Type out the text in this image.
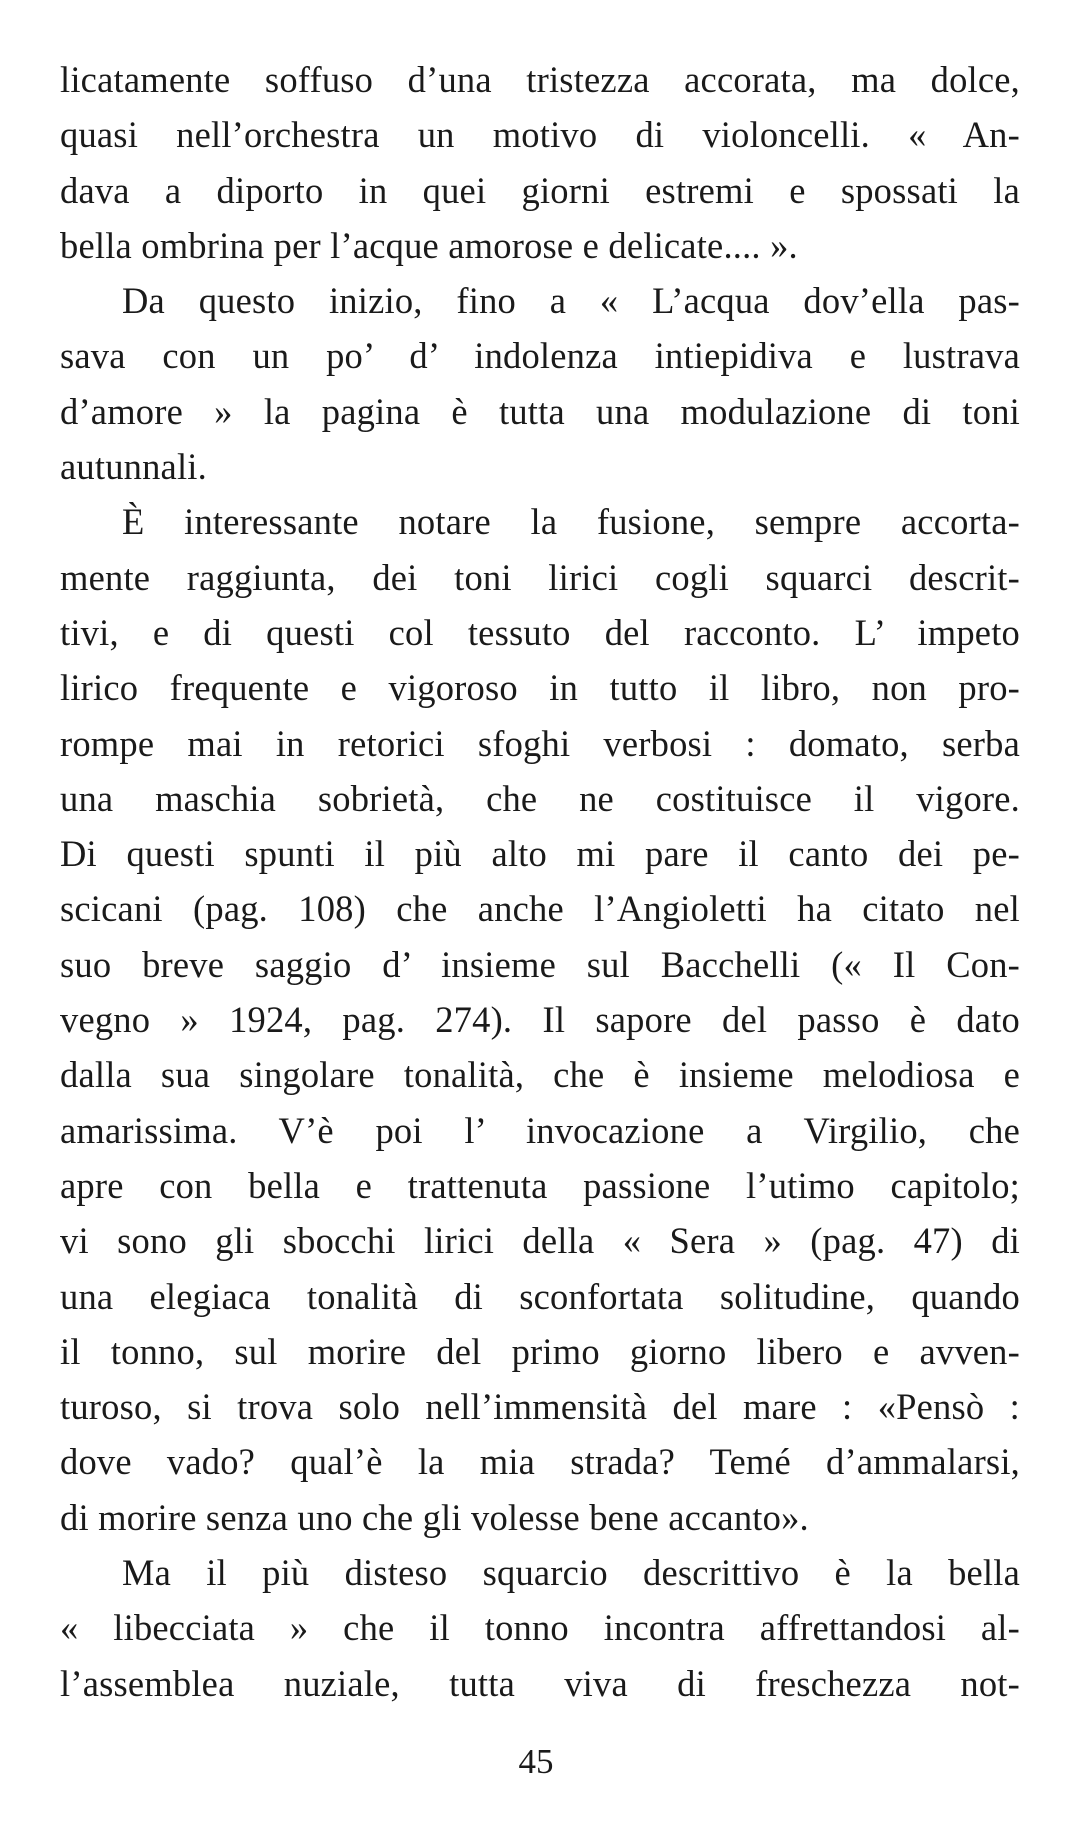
licatamente soffuso d’una tristezza accorata, ma dolce,
quasi nell’orchestra un motivo di violoncelli. « An-
dava a diporto in quei giorni estremi e spossati la
bella ombrina per l’acque amorose e delicate.... ».
Da questo inizio, fino a « L’acqua dov’ella pas-
sava con un po’ d’ indolenza intiepidiva e lustrava
d’amore » la pagina è tutta una modulazione di toni
autunnali.
È interessante notare la fusione, sempre accorta-
mente raggiunta, dei toni lirici cogli squarci descrit-
tivi, e di questi col tessuto del racconto. L’ impeto
lirico frequente e vigoroso in tutto il libro, non pro-
rompe mai in retorici sfoghi verbosi : domato, serba
una maschia sobrietà, che ne costituisce il vigore.
Di questi spunti il più alto mi pare il canto dei pe-
scicani (pag. 108) che anche l’Angioletti ha citato nel
suo breve saggio d’ insieme sul Bacchelli (« Il Con-
vegno » 1924, pag. 274). Il sapore del passo è dato
dalla sua singolare tonalità, che è insieme melodiosa e
amarissima. V’è poi l’ invocazione a Virgilio, che
apre con bella e trattenuta passione l’utimo capitolo;
vi sono gli sbocchi lirici della « Sera » (pag. 47) di
una elegiaca tonalità di sconfortata solitudine, quando
il tonno, sul morire del primo giorno libero e avven-
turoso, si trova solo nell’immensità del mare : «Pensò :
dove vado? qual’è la mia strada? Temé d’ammalarsi,
di morire senza uno che gli volesse bene accanto».
Ma il più disteso squarcio descrittivo è la bella
« libecciata » che il tonno incontra affrettandosi al-
l’assemblea nuziale, tutta viva di freschezza not-
45
